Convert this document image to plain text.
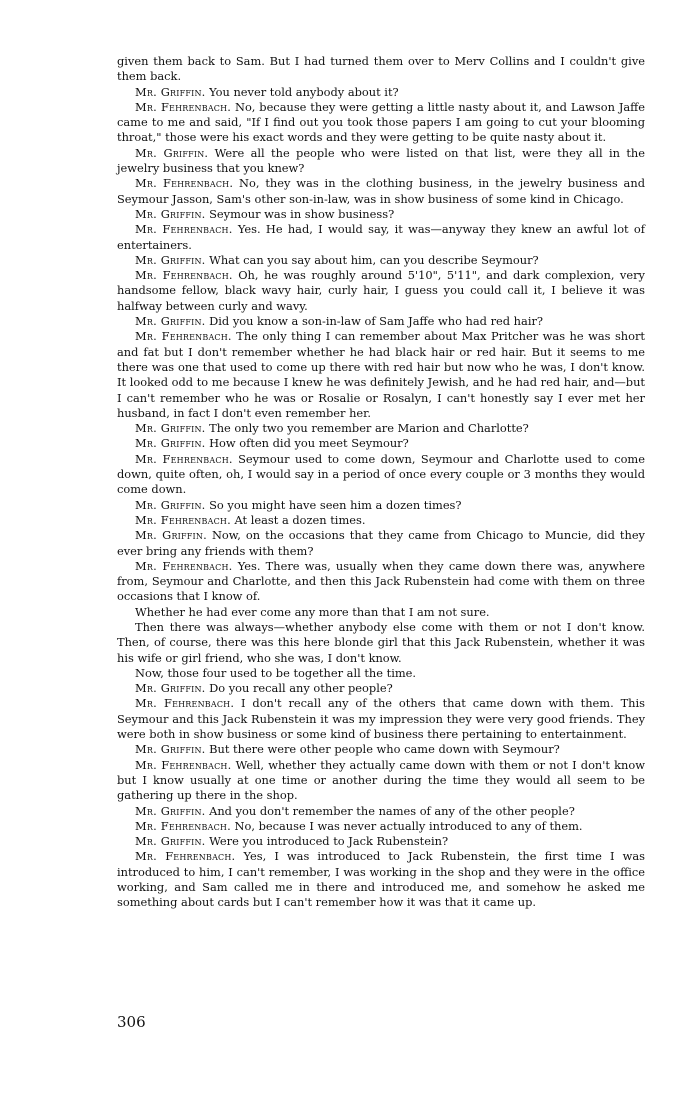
given them back to Sam. But I had turned them over to Merv Collins and I couldn't give them back.

Mr. Griffin. You never told anybody about it?

Mr. Fehrenbach. No, because they were getting a little nasty about it, and Lawson Jaffe came to me and said, "If I find out you took those papers I am going to cut your blooming throat," those were his exact words and they were getting to be quite nasty about it.

Mr. Griffin. Were all the people who were listed on that list, were they all in the jewelry business that you knew?

Mr. Fehrenbach. No, they was in the clothing business, in the jewelry business and Seymour Jasson, Sam's other son-in-law, was in show business of some kind in Chicago.

Mr. Griffin. Seymour was in show business?

Mr. Fehrenbach. Yes. He had, I would say, it was—anyway they knew an awful lot of entertainers.

Mr. Griffin. What can you say about him, can you describe Seymour?

Mr. Fehrenbach. Oh, he was roughly around 5'10", 5'11", and dark complexion, very handsome fellow, black wavy hair, curly hair, I guess you could call it, I believe it was halfway between curly and wavy.

Mr. Griffin. Did you know a son-in-law of Sam Jaffe who had red hair?

Mr. Fehrenbach. The only thing I can remember about Max Pritcher was he was short and fat but I don't remember whether he had black hair or red hair. But it seems to me there was one that used to come up there with red hair but now who he was, I don't know. It looked odd to me because I knew he was definitely Jewish, and he had red hair, and—but I can't remember who he was or Rosalie or Rosalyn, I can't honestly say I ever met her husband, in fact I don't even remember her.

Mr. Griffin. The only two you remember are Marion and Charlotte?

Mr. Griffin. How often did you meet Seymour?

Mr. Fehrenbach. Seymour used to come down, Seymour and Charlotte used to come down, quite often, oh, I would say in a period of once every couple or 3 months they would come down.

Mr. Griffin. So you might have seen him a dozen times?

Mr. Fehrenbach. At least a dozen times.

Mr. Griffin. Now, on the occasions that they came from Chicago to Muncie, did they ever bring any friends with them?

Mr. Fehrenbach. Yes. There was, usually when they came down there was, anywhere from, Seymour and Charlotte, and then this Jack Rubenstein had come with them on three occasions that I know of.

Whether he had ever come any more than that I am not sure.

Then there was always—whether anybody else come with them or not I don't know. Then, of course, there was this here blonde girl that this Jack Rubenstein, whether it was his wife or girl friend, who she was, I don't know.

Now, those four used to be together all the time.

Mr. Griffin. Do you recall any other people?

Mr. Fehrenbach. I don't recall any of the others that came down with them. This Seymour and this Jack Rubenstein it was my impression they were very good friends. They were both in show business or some kind of business there pertaining to entertainment.

Mr. Griffin. But there were other people who came down with Seymour?

Mr. Fehrenbach. Well, whether they actually came down with them or not I don't know but I know usually at one time or another during the time they would all seem to be gathering up there in the shop.

Mr. Griffin. And you don't remember the names of any of the other people?

Mr. Fehrenbach. No, because I was never actually introduced to any of them.

Mr. Griffin. Were you introduced to Jack Rubenstein?

Mr. Fehrenbach. Yes, I was introduced to Jack Rubenstein, the first time I was introduced to him, I can't remember, I was working in the shop and they were in the office working, and Sam called me in there and introduced me, and somehow he asked me something about cards but I can't remember how it was that it came up.

306
